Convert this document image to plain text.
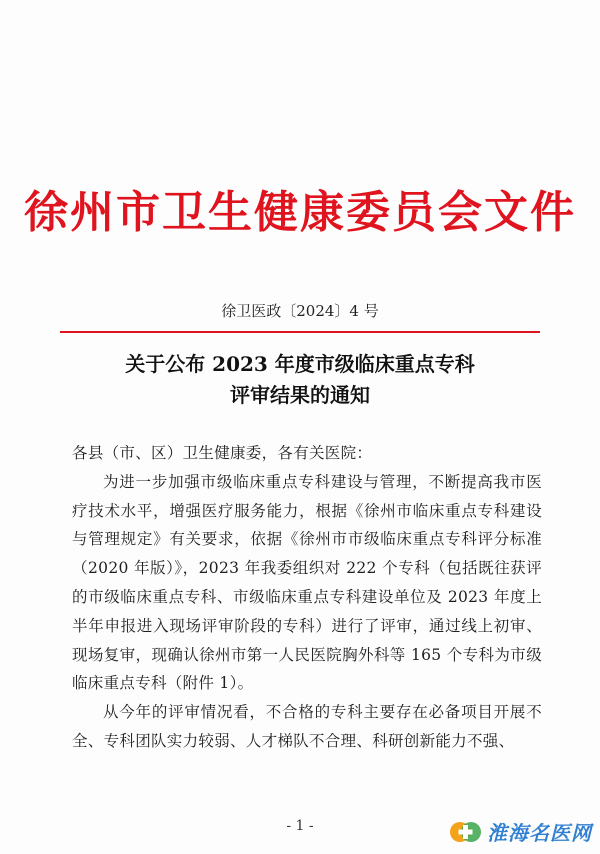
徐州市卫生健康委员会文件
徐卫医政〔2024〕4 号
关于公布 2023 年度市级临床重点专科
评审结果的通知

各县（市、区）卫生健康委，各有关医院：

为进一步加强市级临床重点专科建设与管理，不断提高我市医疗技术水平，增强医疗服务能力，根据《徐州市临床重点专科建设与管理规定》有关要求，依据《徐州市市级临床重点专科评分标准（2020 年版）》，2023 年我委组织对 222 个专科（包括既往获评的市级临床重点专科、市级临床重点专科建设单位及 2023 年度上半年申报进入现场评审阶段的专科）进行了评审，通过线上初审、现场复审，现确认徐州市第一人民医院胸外科等 165 个专科为市级临床重点专科（附件 1）。

从今年的评审情况看，不合格的专科主要存在必备项目开展不全、专科团队实力较弱、人才梯队不合理、科研创新能力不强、

- 1 -	淮海名医网
